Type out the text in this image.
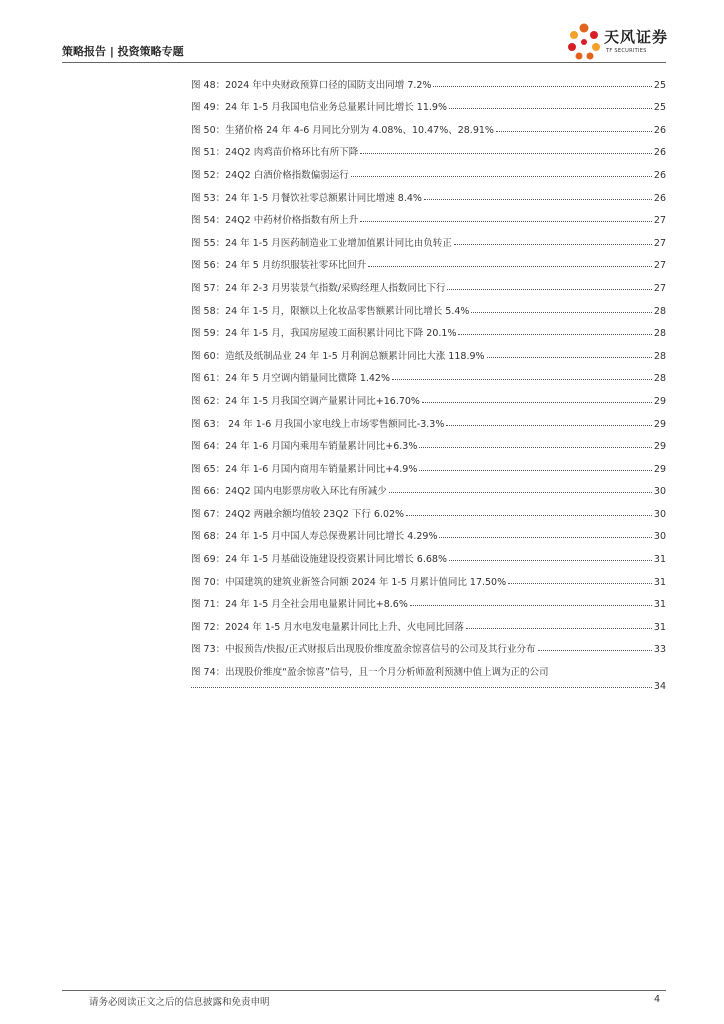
策略报告 | 投资策略专题
天风证券
TF SECURITIES
图 48：2024 年中央财政预算口径的国防支出同增 7.2%	25
图 49：24 年 1-5 月我国电信业务总量累计同比增长 11.9%	25
图 50：生猪价格 24 年 4-6 月同比分别为 4.08%、10.47%、28.91%	26
图 51：24Q2 肉鸡苗价格环比有所下降	26
图 52：24Q2 白酒价格指数偏弱运行	26
图 53：24 年 1-5 月餐饮社零总额累计同比增速 8.4%	26
图 54：24Q2 中药材价格指数有所上升	27
图 55：24 年 1-5 月医药制造业工业增加值累计同比由负转正	27
图 56：24 年 5 月纺织服装社零环比回升	27
图 57：24 年 2-3 月男装景气指数/采购经理人指数同比下行	27
图 58：24 年 1-5 月，限额以上化妆品零售额累计同比增长 5.4%	28
图 59：24 年 1-5 月，我国房屋竣工面积累计同比下降 20.1%	28
图 60：造纸及纸制品业 24 年 1-5 月利润总额累计同比大涨 118.9%	28
图 61：24 年 5 月空调内销量同比微降 1.42%	28
图 62：24 年 1-5 月我国空调产量累计同比+16.70%	29
图 63： 24 年 1-6 月我国小家电线上市场零售额同比-3.3%	29
图 64：24 年 1-6 月国内乘用车销量累计同比+6.3%	29
图 65：24 年 1-6 月国内商用车销量累计同比+4.9%	29
图 66：24Q2 国内电影票房收入环比有所减少	30
图 67：24Q2 两融余额均值较 23Q2 下行 6.02%	30
图 68：24 年 1-5 月中国人寿总保费累计同比增长 4.29%	30
图 69：24 年 1-5 月基础设施建设投资累计同比增长 6.68%	31
图 70：中国建筑的建筑业新签合同额 2024 年 1-5 月累计值同比 17.50%	31
图 71：24 年 1-5 月全社会用电量累计同比+8.6%	31
图 72：2024 年 1-5 月水电发电量累计同比上升、火电同比回落	31
图 73：中报预告/快报/正式财报后出现股价维度盈余惊喜信号的公司及其行业分布	33
图 74：出现股价维度“盈余惊喜”信号，且一个月分析师盈利预测中值上调为正的公司
34
请务必阅读正文之后的信息披露和免责申明	4
